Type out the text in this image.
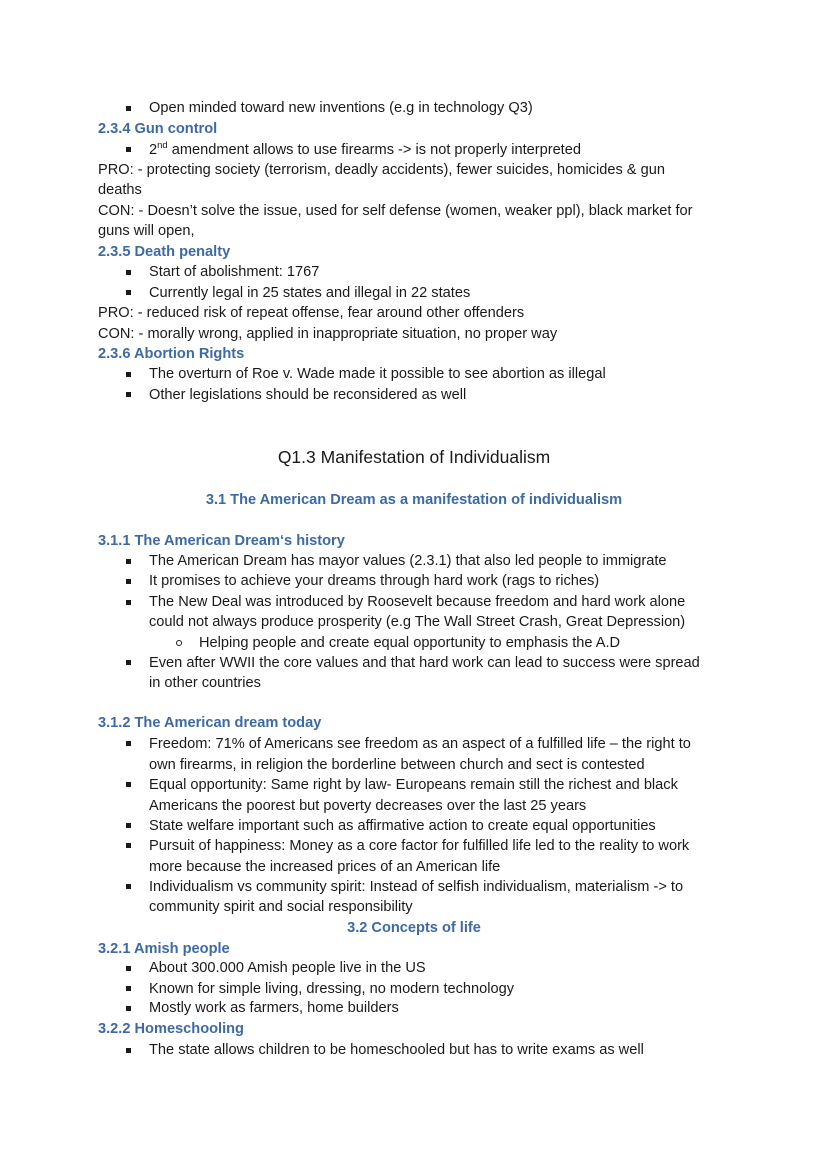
Open minded toward new inventions (e.g in technology Q3)
2.3.4 Gun control
2nd amendment allows to use firearms -> is not properly interpreted
PRO: - protecting society (terrorism, deadly accidents), fewer suicides, homicides & gun
deaths
CON: - Doesn’t solve the issue, used for self defense (women, weaker ppl), black market for
guns will open,
2.3.5 Death penalty
Start of abolishment: 1767
Currently legal in 25 states and illegal in 22 states
PRO: - reduced risk of repeat offense, fear around other offenders
CON: - morally wrong, applied in inappropriate situation, no proper way
2.3.6 Abortion Rights
The overturn of Roe v. Wade made it possible to see abortion as illegal
Other legislations should be reconsidered as well
Q1.3 Manifestation of Individualism
3.1 The American Dream as a manifestation of individualism
3.1.1 The American Dream‘s history
The American Dream has mayor values (2.3.1) that also led people to immigrate
It promises to achieve your dreams through hard work (rags to riches)
The New Deal was introduced by Roosevelt because freedom and hard work alone
could not always produce prosperity (e.g The Wall Street Crash, Great Depression)
Helping people and create equal opportunity to emphasis the A.D
Even after WWII the core values and that hard work can lead to success were spread
in other countries
3.1.2 The American dream today
Freedom: 71% of Americans see freedom as an aspect of a fulfilled life – the right to
own firearms, in religion the borderline between church and sect is contested
Equal opportunity: Same right by law- Europeans remain still the richest and black
Americans the poorest but poverty decreases over the last 25 years
State welfare important such as affirmative action to create equal opportunities
Pursuit of happiness: Money as a core factor for fulfilled life led to the reality to work
more because the increased prices of an American life
Individualism vs community spirit: Instead of selfish individualism, materialism -> to
community spirit and social responsibility
3.2 Concepts of life
3.2.1 Amish people
About 300.000 Amish people live in the US
Known for simple living, dressing, no modern technology
Mostly work as farmers, home builders
3.2.2 Homeschooling
The state allows children to be homeschooled but has to write exams as well
